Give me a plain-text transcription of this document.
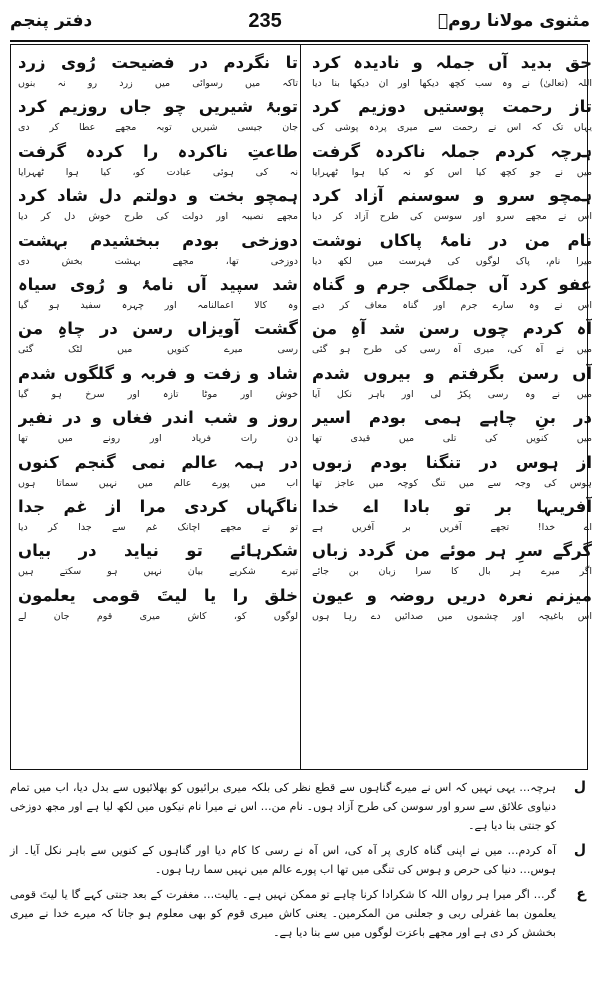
مثنوی مولانا رومؒ
235
دفتر پنجم
حق بدید آں جملہ و نادیدہ کرد
اللہ (تعالیٰ) نے وہ سب کچھ دیکھا اور ان دیکھا بنا دیا
تاز رحمت پوستیں دوزیم کرد
یہاں تک کہ اس نے رحمت سے میری پردہ پوشی کی
ہرچہ کردم جملہ ناکردہ گرفت
میں نے جو کچھ کیا اس کو نہ کیا ہوا ٹھہرایا
ہمچو سرو و سوسنم آزاد کرد
اس نے مجھے سرو اور سوسن کی طرح آزاد کر دیا
نام من در نامۂ پاکاں نوشت
میرا نام، پاک لوگوں کی فہرست میں لکھ دیا
عفو کرد آں جملگی جرم و گناہ
اس نے وہ سارے جرم اور گناہ معاف کر دیے
آہ کردم چوں رسن شد آہِ من
میں نے آہ کی، میری آہ رسی کی طرح ہو گئی
آں رسن بگرفتم و بیروں شدم
میں نے وہ رسی پکڑ لی اور باہر نکل آیا
در بنِ چاہے ہمی بودم اسیر
میں کنویں کی تلی میں قیدی تھا
از ہوس در تنگنا بودم زبوں
ہوس کی وجہ سے میں تنگ کوچہ میں عاجز تھا
آفریںہا بر تو بادا اے خدا
اے خدا! تجھے آفریں بر آفریں ہے
گرگے سرِ ہر موئے من گردد زباں
اگر میرے ہر بال کا سرا زبان بن جائے
میزنم نعرہ دریں روضہ و عیون
اس باغیچہ اور چشموں میں صدائیں دے رہا ہوں
تا نگردم در فضیحت رُوی زرد
تاکہ میں رسوائی میں زرد رو نہ بنوں
توبۂ شیریں چو جاں روزیم کرد
جان جیسی شیریں توبہ مجھے عطا کر دی
طاعتِ ناکردہ را کردہ گرفت
نہ کی ہوئی عبادت کو، کیا ہوا ٹھہرایا
ہمچو بخت و دولتم دل شاد کرد
مجھے نصیبہ اور دولت کی طرح خوش دل کر دیا
دوزخی بودم ببخشیدم بہشت
دوزخی تھا، مجھے بہشت بخش دی
شد سپید آں نامۂ و رُوی سیاہ
وہ کالا اعمالنامہ اور چہرہ سفید ہو گیا
گشت آویزاں رسن در چاہِ من
رسی میرے کنویں میں لٹک گئی
شاد و زفت و فربہ و گلگوں شدم
خوش اور موٹا تازہ اور سرخ ہو گیا
روز و شب اندر فغاں و در نفیر
دن رات فریاد اور رونے میں تھا
در ہمہ عالم نمی گنجم کنوں
اب میں پورے عالم میں نہیں سماتا ہوں
ناگہاں کردی مرا از غم جدا
تو نے مجھے اچانک غم سے جدا کر دیا
شکرہائے تو نیاید در بیاں
تیرے شکریے بیان نہیں ہو سکتے ہیں
خلق را یا لیتَ قومی یعلمون
لوگوں کو، کاش میری قوم جان لے
ل
ہرچہ… یہی نہیں کہ اس نے میرے گناہوں سے قطع نظر کی بلکہ میری برائیوں کو بھلائیوں سے بدل دیا، اب میں تمام دنیاوی علائق سے سرو اور سوسن کی طرح آزاد ہوں۔ نام من… اس نے میرا نام نیکوں میں لکھ لیا ہے اور مجھ دوزخی کو جنتی بنا دیا ہے۔
ل
آہ کردم… میں نے اپنی گناہ کاری پر آہ کی، اس آہ نے رسی کا کام دیا اور گناہوں کے کنویں سے باہر نکل آیا۔ از ہوس… دنیا کی حرص و ہوس کی تنگی میں تھا اب پورے عالم میں نہیں سما رہا ہوں۔
ع
گر… اگر میرا ہر رواں اللہ کا شکرادا کرنا چاہے تو ممکن نہیں ہے۔ یالیت… مغفرت کے بعد جنتی کہے گا یا لیتَ قومی یعلمون بما غفرلی ربی و جعلنی من المکرمین۔ یعنی کاش میری قوم کو بھی معلوم ہو جاتا کہ میرے خدا نے میری بخشش کر دی ہے اور مجھے باعزت لوگوں میں سے بنا دیا ہے۔
